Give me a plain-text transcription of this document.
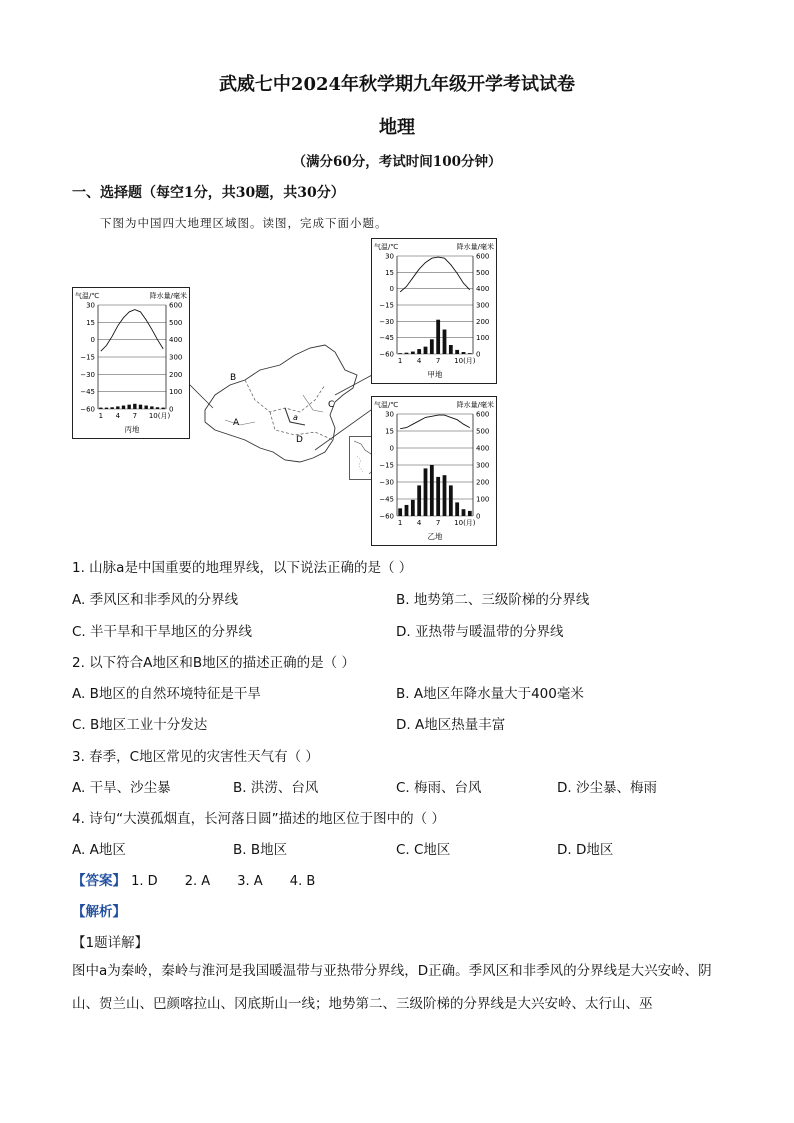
武威七中2024年秋学期九年级开学考试试卷
地理
（满分60分，考试时间100分钟）
一、选择题（每空1分，共30题，共30分）
下图为中国四大地理区域图。读图，完成下面小题。
B
A
C
a
D
气温/℃	降水量/毫米
30	600
15	500
0	400
−15	300
−30	200
−45	100
−60	0
1 4 7 10(月)
丙地
气温/℃	降水量/毫米
30	600
15	500
0	400
−15	300
−30	200
−45	100
−60	0
1 4 7 10(月)
甲地
气温/℃	降水量/毫米
30	600
15	500
0	400
−15	300
−30	200
−45	100
−60	0
1 4 7 10(月)
乙地
1. 山脉a是中国重要的地理界线，以下说法正确的是（ ）
A. 季风区和非季风的分界线	B. 地势第二、三级阶梯的分界线
C. 半干旱和干旱地区的分界线	D. 亚热带与暖温带的分界线
2. 以下符合A地区和B地区的描述正确的是（ ）
A. B地区的自然环境特征是干旱	B. A地区年降水量大于400毫米
C. B地区工业十分发达	D. A地区热量丰富
3. 春季，C地区常见的灾害性天气有（ ）
A. 干旱、沙尘暴	B. 洪涝、台风	C. 梅雨、台风	D. 沙尘暴、梅雨
4. 诗句“大漠孤烟直，长河落日圆”描述的地区位于图中的（ ）
A. A地区	B. B地区	C. C地区	D. D地区
【答案】 1. D 2. A 3. A 4. B
【解析】
【1题详解】
图中a为秦岭，秦岭与淮河是我国暖温带与亚热带分界线，D正确。季风区和非季风的分界线是大兴安岭、阴山、贺兰山、巴颜喀拉山、冈底斯山一线；地势第二、三级阶梯的分界线是大兴安岭、太行山、巫
